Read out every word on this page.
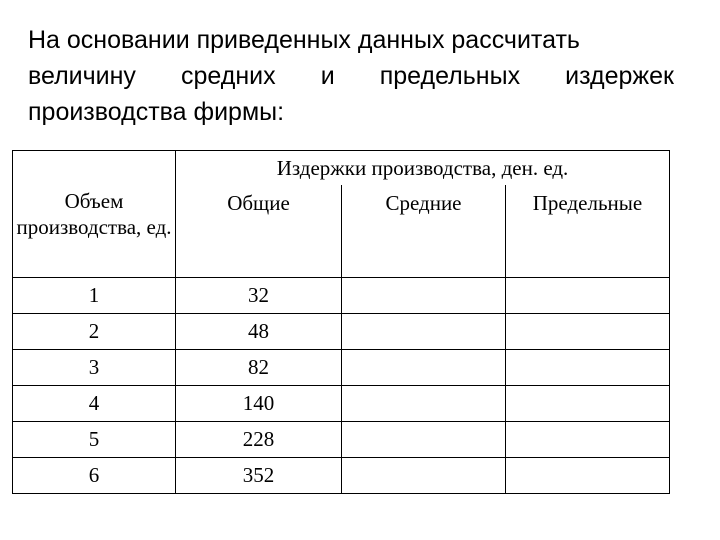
На основании приведенных данных рассчитать
величину средних и предельных издержек
производства фирмы:
Объем производства, ед.	Издержки производства, ден. ед.		
	Общие	Средние	Предельные
1	32		
2	48		
3	82		
4	140		
5	228		
6	352		
